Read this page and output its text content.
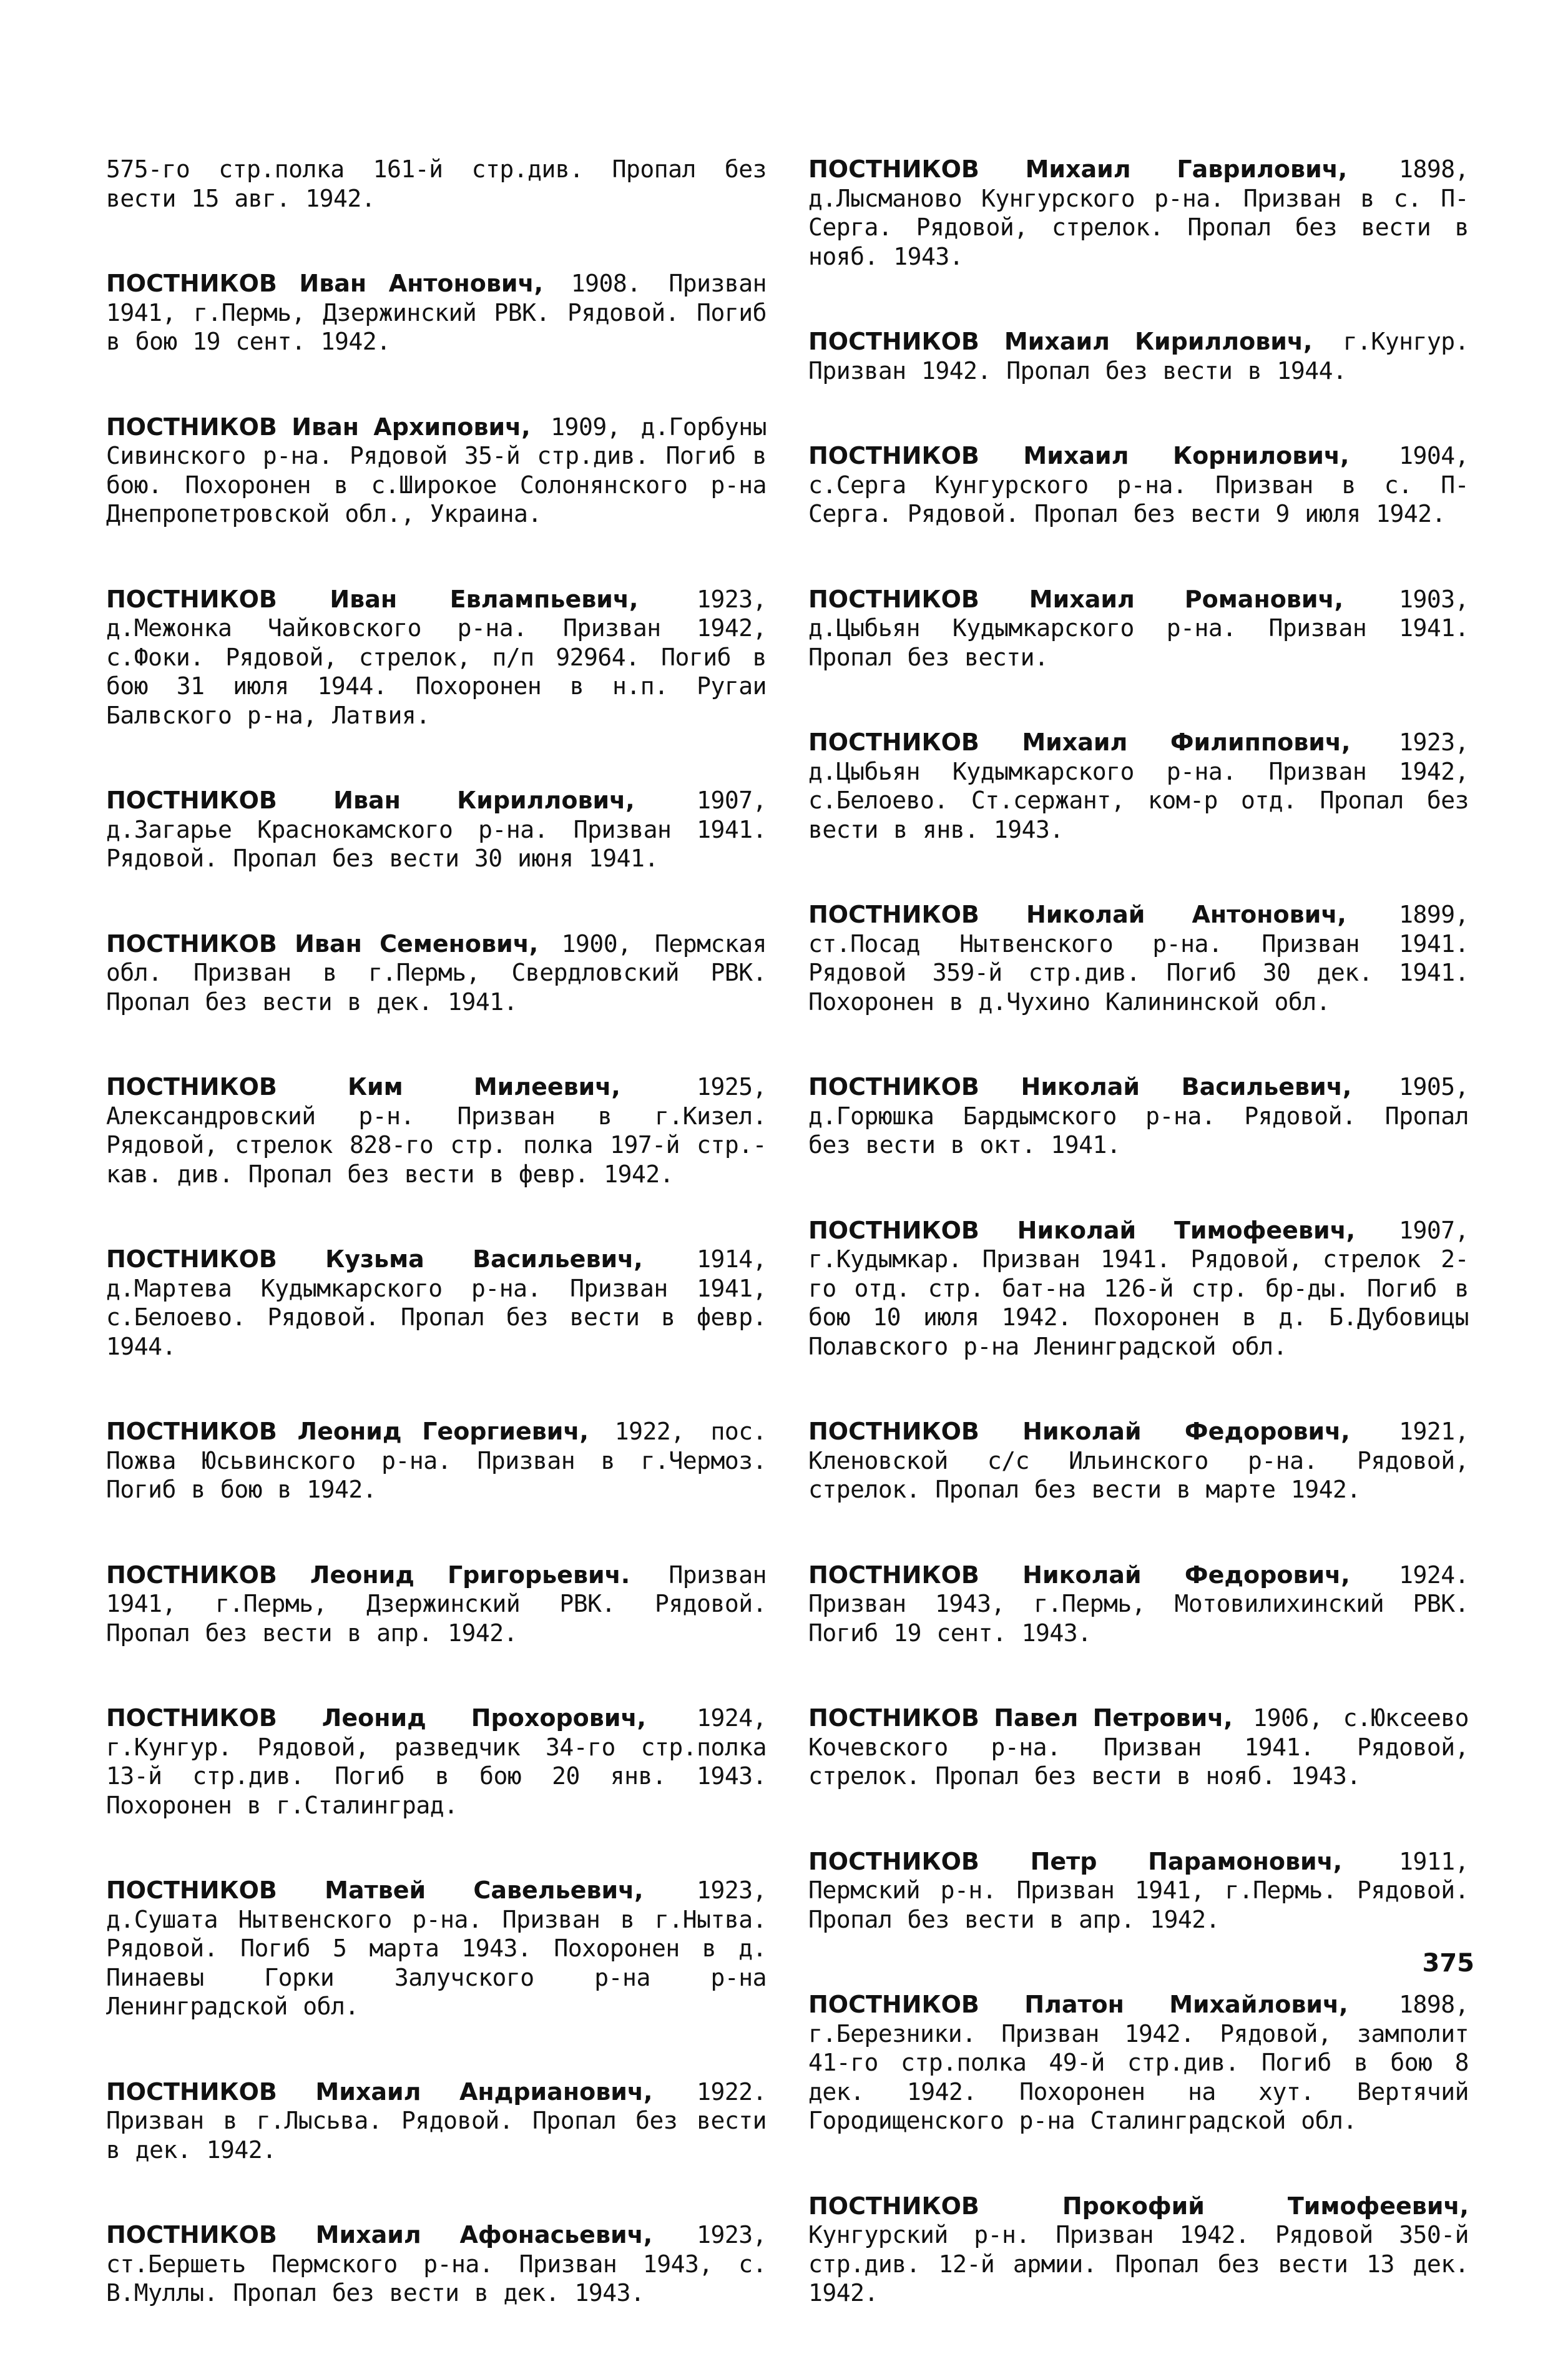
575-го стр.полка 161-й стр.див. Пропал без вести 15 авг. 1942.

ПОСТНИКОВ Иван Антонович, 1908. Призван 1941, г.Пермь, Дзержинский РВК. Рядовой. Погиб в бою 19 сент. 1942.

ПОСТНИКОВ Иван Архипович, 1909, д.Горбуны Сивинского р-на. Рядовой 35-й стр.див. Погиб в бою. Похоронен в с.Широкое Солонянского р-на Днепропетровской обл., Украина.

ПОСТНИКОВ Иван Евлампьевич, 1923, д.Межонка Чайковского р-на. Призван 1942, с.Фоки. Рядовой, стрелок, п/п 92964. Погиб в бою 31 июля 1944. Похоронен в н.п. Ругаи Балвского р-на, Латвия.

ПОСТНИКОВ Иван Кириллович, 1907, д.Загарье Краснокамского р-на. Призван 1941. Рядовой. Пропал без вести 30 июня 1941.

ПОСТНИКОВ Иван Семенович, 1900, Пермская обл. Призван в г.Пермь, Свердловский РВК. Пропал без вести в дек. 1941.

ПОСТНИКОВ Ким Милеевич, 1925, Александровский р-н. Призван в г.Кизел. Рядовой, стрелок 828-го стр. полка 197-й стр.-кав. див. Пропал без вести в февр. 1942.

ПОСТНИКОВ Кузьма Васильевич, 1914, д.Мартева Кудымкарского р-на. Призван 1941, с.Белоево. Рядовой. Пропал без вести в февр. 1944.

ПОСТНИКОВ Леонид Георгиевич, 1922, пос. Пожва Юсьвинского р-на. Призван в г.Чермоз. Погиб в бою в 1942.

ПОСТНИКОВ Леонид Григорьевич. Призван 1941, г.Пермь, Дзержинский РВК. Рядовой. Пропал без вести в апр. 1942.

ПОСТНИКОВ Леонид Прохорович, 1924, г.Кунгур. Рядовой, разведчик 34-го стр.полка 13-й стр.див. Погиб в бою 20 янв. 1943. Похоронен в г.Сталинград.

ПОСТНИКОВ Матвей Савельевич, 1923, д.Сушата Нытвенского р-на. Призван в г.Нытва. Рядовой. Погиб 5 марта 1943. Похоронен в д. Пинаевы Горки Залучского р-на р-на Ленинградской обл.

ПОСТНИКОВ Михаил Андрианович, 1922. Призван в г.Лысьва. Рядовой. Пропал без вести в дек. 1942.

ПОСТНИКОВ Михаил Афонасьевич, 1923, ст.Бершеть Пермского р-на. Призван 1943, с. В.Муллы. Пропал без вести в дек. 1943.

ПОСТНИКОВ Михаил Гаврилович, 1898, д.Лысманово Кунгурского р-на. Призван в с. П-Серга. Рядовой, стрелок. Пропал без вести в нояб. 1943.

ПОСТНИКОВ Михаил Кириллович, г.Кунгур. Призван 1942. Пропал без вести в 1944.

ПОСТНИКОВ Михаил Корнилович, 1904, с.Серга Кунгурского р-на. Призван в с. П-Серга. Рядовой. Пропал без вести 9 июля 1942.

ПОСТНИКОВ Михаил Романович, 1903, д.Цыбьян Кудымкарского р-на. Призван 1941. Пропал без вести.

ПОСТНИКОВ Михаил Филиппович, 1923, д.Цыбьян Кудымкарского р-на. Призван 1942, с.Белоево. Ст.сержант, ком-р отд. Пропал без вести в янв. 1943.

ПОСТНИКОВ Николай Антонович, 1899, ст.Посад Нытвенского р-на. Призван 1941. Рядовой 359-й стр.див. Погиб 30 дек. 1941. Похоронен в д.Чухино Калининской обл.

ПОСТНИКОВ Николай Васильевич, 1905, д.Горюшка Бардымского р-на. Рядовой. Пропал без вести в окт. 1941.

ПОСТНИКОВ Николай Тимофеевич, 1907, г.Кудымкар. Призван 1941. Рядовой, стрелок 2-го отд. стр. бат-на 126-й стр. бр-ды. Погиб в бою 10 июля 1942. Похоронен в д. Б.Дубовицы Полавского р-на Ленинградской обл.

ПОСТНИКОВ Николай Федорович, 1921, Кленовской с/с Ильинского р-на. Рядовой, стрелок. Пропал без вести в марте 1942.

ПОСТНИКОВ Николай Федорович, 1924. Призван 1943, г.Пермь, Мотовилихинский РВК. Погиб 19 сент. 1943.

ПОСТНИКОВ Павел Петрович, 1906, с.Юксеево Кочевского р-на. Призван 1941. Рядовой, стрелок. Пропал без вести в нояб. 1943.

ПОСТНИКОВ Петр Парамонович, 1911, Пермский р-н. Призван 1941, г.Пермь. Рядовой. Пропал без вести в апр. 1942.

ПОСТНИКОВ Платон Михайлович, 1898, г.Березники. Призван 1942. Рядовой, замполит 41-го стр.полка 49-й стр.див. Погиб в бою 8 дек. 1942. Похоронен на хут. Вертячий Городищенского р-на Сталинградской обл.

ПОСТНИКОВ Прокофий Тимофеевич, Кунгурский р-н. Призван 1942. Рядовой 350-й стр.див. 12-й армии. Пропал без вести 13 дек. 1942.

375
